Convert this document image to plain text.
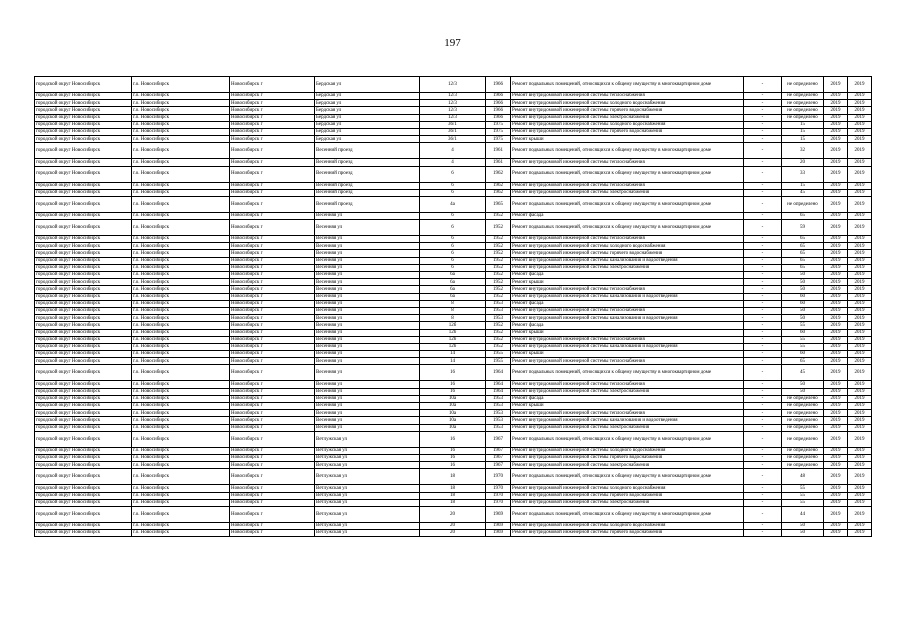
197
городской округ Новосибирск	г.о. Новосибирск	Новосибирск г	Бердская ул	12/3	1966	Ремонт подвальных помещений, относящихся к общему имуществу в многоквартирном доме	-	не определено	2019	2019
городской округ Новосибирск	г.о. Новосибирск	Новосибирск г	Бердская ул	12/3	1966	Ремонт внутридомовой инженерной системы теплоснабжения	-	не определено	2019	2019
городской округ Новосибирск	г.о. Новосибирск	Новосибирск г	Бердская ул	12/3	1966	Ремонт внутридомовой инженерной системы холодного водоснабжения	-	не определено	2019	2019
городской округ Новосибирск	г.о. Новосибирск	Новосибирск г	Бердская ул	12/3	1966	Ремонт внутридомовой инженерной системы горячего водоснабжения	-	не определено	2019	2019
городской округ Новосибирск	г.о. Новосибирск	Новосибирск г	Бердская ул	12/3	1966	Ремонт внутридомовой инженерной системы электроснабжения	-	не определено	2019	2019
городской округ Новосибирск	г.о. Новосибирск	Новосибирск г	Бердская ул	36/1	1975	Ремонт внутридомовой инженерной системы холодного водоснабжения	-	15	2019	2019
городской округ Новосибирск	г.о. Новосибирск	Новосибирск г	Бердская ул	36/1	1975	Ремонт внутридомовой инженерной системы горячего водоснабжения	-	15	2019	2019
городской округ Новосибирск	г.о. Новосибирск	Новосибирск г	Бердская ул	36/1	1975	Ремонт крыши	-	15	2019	2019
городской округ Новосибирск	г.о. Новосибирск	Новосибирск г	Весенний проезд	4	1961	Ремонт подвальных помещений, относящихся к общему имуществу в многоквартирном доме	-	32	2019	2019
городской округ Новосибирск	г.о. Новосибирск	Новосибирск г	Весенний проезд	4	1961	Ремонт внутридомовой инженерной системы теплоснабжения	-	20	2019	2019
городской округ Новосибирск	г.о. Новосибирск	Новосибирск г	Весенний проезд	6	1962	Ремонт подвальных помещений, относящихся к общему имуществу в многоквартирном доме	-	33	2019	2019
городской округ Новосибирск	г.о. Новосибирск	Новосибирск г	Весенний проезд	6	1962	Ремонт внутридомовой инженерной системы теплоснабжения	-	15	2019	2019
городской округ Новосибирск	г.о. Новосибирск	Новосибирск г	Весенний проезд	6	1962	Ремонт внутридомовой инженерной системы электроснабжения	-	45	2019	2019
городской округ Новосибирск	г.о. Новосибирск	Новосибирск г	Весенний проезд	4а	1965	Ремонт подвальных помещений, относящихся к общему имуществу в многоквартирном доме	-	не определено	2019	2019
городской округ Новосибирск	г.о. Новосибирск	Новосибирск г	Весенняя ул	6	1952	Ремонт фасада	-	65	2019	2019
городской округ Новосибирск	г.о. Новосибирск	Новосибирск г	Весенняя ул	6	1952	Ремонт подвальных помещений, относящихся к общему имуществу в многоквартирном доме	-	59	2019	2019
городской округ Новосибирск	г.о. Новосибирск	Новосибирск г	Весенняя ул	6	1952	Ремонт внутридомовой инженерной системы теплоснабжения	-	65	2019	2019
городской округ Новосибирск	г.о. Новосибирск	Новосибирск г	Весенняя ул	6	1952	Ремонт внутридомовой инженерной системы холодного водоснабжения	-	65	2019	2019
городской округ Новосибирск	г.о. Новосибирск	Новосибирск г	Весенняя ул	6	1952	Ремонт внутридомовой инженерной системы горячего водоснабжения	-	65	2019	2019
городской округ Новосибирск	г.о. Новосибирск	Новосибирск г	Весенняя ул	6	1952	Ремонт внутридомовой инженерной системы канализования и водоотведения	-	65	2019	2019
городской округ Новосибирск	г.о. Новосибирск	Новосибирск г	Весенняя ул	6	1952	Ремонт внутридомовой инженерной системы электроснабжения	-	65	2019	2019
городской округ Новосибирск	г.о. Новосибирск	Новосибирск г	Весенняя ул	6а	1952	Ремонт фасада	-	50	2019	2019
городской округ Новосибирск	г.о. Новосибирск	Новосибирск г	Весенняя ул	6а	1952	Ремонт крыши	-	50	2019	2019
городской округ Новосибирск	г.о. Новосибирск	Новосибирск г	Весенняя ул	6а	1952	Ремонт внутридомовой инженерной системы теплоснабжения	-	50	2019	2019
городской округ Новосибирск	г.о. Новосибирск	Новосибирск г	Весенняя ул	6а	1952	Ремонт внутридомовой инженерной системы канализования и водоотведения	-	60	2019	2019
городской округ Новосибирск	г.о. Новосибирск	Новосибирск г	Весенняя ул	8	1953	Ремонт фасада	-	60	2019	2019
городской округ Новосибирск	г.о. Новосибирск	Новосибирск г	Весенняя ул	8	1953	Ремонт внутридомовой инженерной системы теплоснабжения	-	50	2019	2019
городской округ Новосибирск	г.о. Новосибирск	Новосибирск г	Весенняя ул	8	1953	Ремонт внутридомовой инженерной системы канализования и водоотведения	-	50	2019	2019
городской округ Новосибирск	г.о. Новосибирск	Новосибирск г	Весенняя ул	12б	1952	Ремонт фасада	-	55	2019	2019
городской округ Новосибирск	г.о. Новосибирск	Новосибирск г	Весенняя ул	12б	1952	Ремонт крыши	-	60	2019	2019
городской округ Новосибирск	г.о. Новосибирск	Новосибирск г	Весенняя ул	12б	1952	Ремонт внутридомовой инженерной системы теплоснабжения	-	55	2019	2019
городской округ Новосибирск	г.о. Новосибирск	Новосибирск г	Весенняя ул	12б	1952	Ремонт внутридомовой инженерной системы канализования и водоотведения	-	55	2019	2019
городской округ Новосибирск	г.о. Новосибирск	Новосибирск г	Весенняя ул	14	1955	Ремонт крыши	-	60	2019	2019
городской округ Новосибирск	г.о. Новосибирск	Новосибирск г	Весенняя ул	14	1955	Ремонт внутридомовой инженерной системы теплоснабжения	-	65	2019	2019
городской округ Новосибирск	г.о. Новосибирск	Новосибирск г	Весенняя ул	16	1964	Ремонт подвальных помещений, относящихся к общему имуществу в многоквартирном доме	-	45	2019	2019
городской округ Новосибирск	г.о. Новосибирск	Новосибирск г	Весенняя ул	16	1964	Ремонт внутридомовой инженерной системы теплоснабжения	-	50	2019	2019
городской округ Новосибирск	г.о. Новосибирск	Новосибирск г	Весенняя ул	16	1964	Ремонт внутридомовой инженерной системы электроснабжения	-	50	2019	2019
городской округ Новосибирск	г.о. Новосибирск	Новосибирск г	Весенняя ул	10а	1953	Ремонт фасада	-	не определено	2019	2019
городской округ Новосибирск	г.о. Новосибирск	Новосибирск г	Весенняя ул	10а	1953	Ремонт крыши	-	не определено	2019	2019
городской округ Новосибирск	г.о. Новосибирск	Новосибирск г	Весенняя ул	10а	1953	Ремонт внутридомовой инженерной системы теплоснабжения	-	не определено	2019	2019
городской округ Новосибирск	г.о. Новосибирск	Новосибирск г	Весенняя ул	10а	1953	Ремонт внутридомовой инженерной системы канализования и водоотведения	-	не определено	2019	2019
городской округ Новосибирск	г.о. Новосибирск	Новосибирск г	Весенняя ул	10а	1953	Ремонт внутридомовой инженерной системы электроснабжения	-	не определено	2019	2019
городской округ Новосибирск	г.о. Новосибирск	Новосибирск г	Ветлужская ул	16	1967	Ремонт подвальных помещений, относящихся к общему имуществу в многоквартирном доме	-	не определено	2019	2019
городской округ Новосибирск	г.о. Новосибирск	Новосибирск г	Ветлужская ул	16	1967	Ремонт внутридомовой инженерной системы холодного водоснабжения	-	не определено	2019	2019
городской округ Новосибирск	г.о. Новосибирск	Новосибирск г	Ветлужская ул	16	1967	Ремонт внутридомовой инженерной системы горячего водоснабжения	-	не определено	2019	2019
городской округ Новосибирск	г.о. Новосибирск	Новосибирск г	Ветлужская ул	16	1967	Ремонт внутридомовой инженерной системы электроснабжения	-	не определено	2019	2019
городской округ Новосибирск	г.о. Новосибирск	Новосибирск г	Ветлужская ул	18	1970	Ремонт подвальных помещений, относящихся к общему имуществу в многоквартирном доме	-	48	2019	2019
городской округ Новосибирск	г.о. Новосибирск	Новосибирск г	Ветлужская ул	18	1970	Ремонт внутридомовой инженерной системы холодного водоснабжения	-	55	2019	2019
городской округ Новосибирск	г.о. Новосибирск	Новосибирск г	Ветлужская ул	18	1970	Ремонт внутридомовой инженерной системы горячего водоснабжения	-	55	2019	2019
городской округ Новосибирск	г.о. Новосибирск	Новосибирск г	Ветлужская ул	18	1970	Ремонт внутридомовой инженерной системы электроснабжения	-	55	2019	2019
городской округ Новосибирск	г.о. Новосибирск	Новосибирск г	Ветлужская ул	20	1969	Ремонт подвальных помещений, относящихся к общему имуществу в многоквартирном доме	-	44	2019	2019
городской округ Новосибирск	г.о. Новосибирск	Новосибирск г	Ветлужская ул	20	1969	Ремонт внутридомовой инженерной системы холодного водоснабжения	-	50	2019	2019
городской округ Новосибирск	г.о. Новосибирск	Новосибирск г	Ветлужская ул	20	1969	Ремонт внутридомовой инженерной системы горячего водоснабжения	-	50	2019	2019
